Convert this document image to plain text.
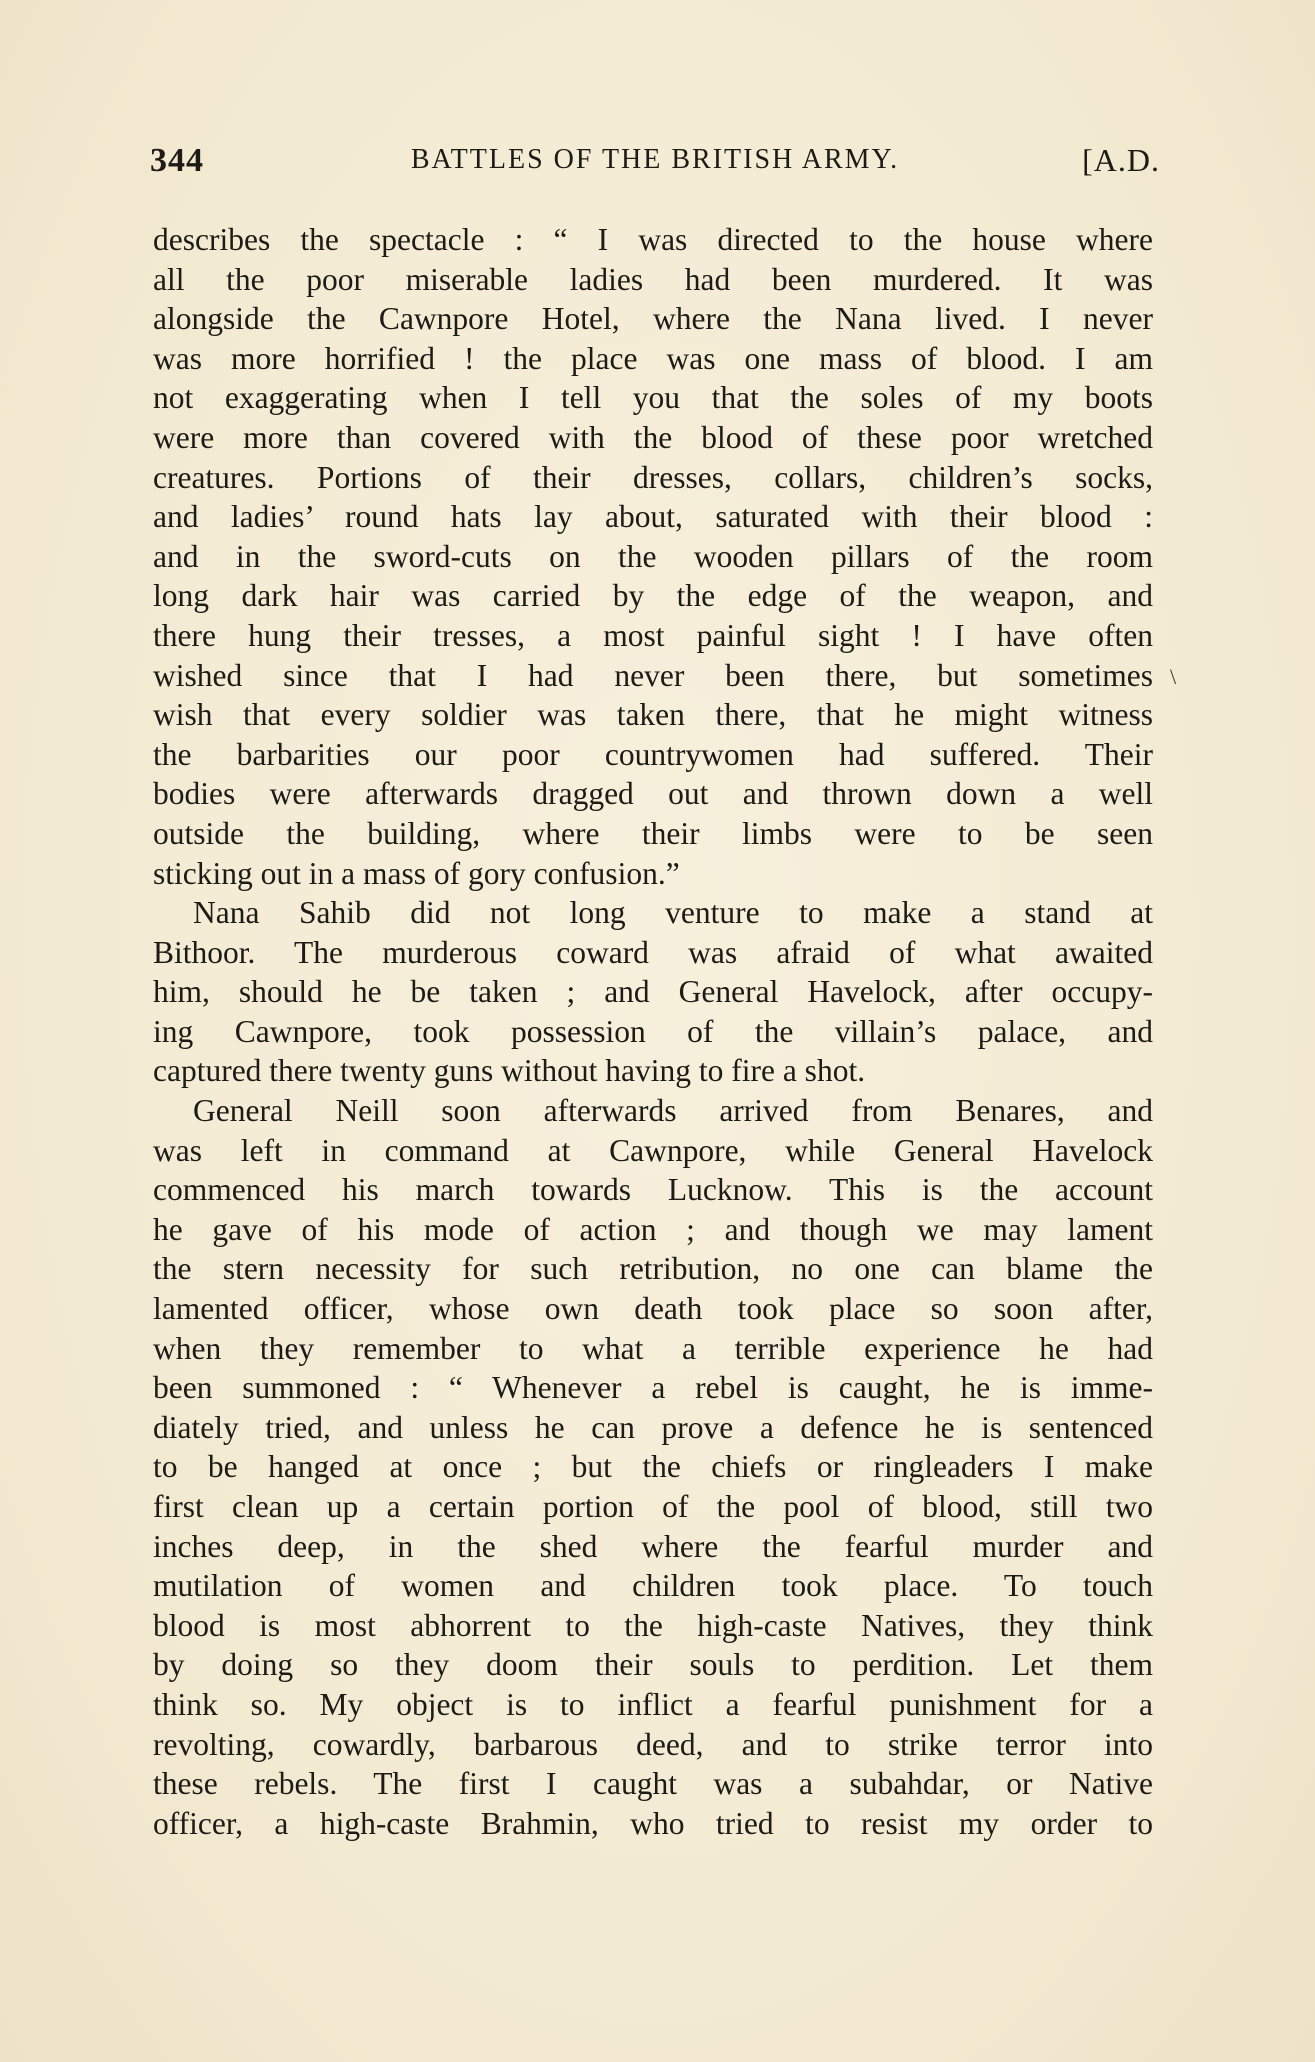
344	BATTLES OF THE BRITISH ARMY.	[A.D.
describes the spectacle : “ I was directed to the house where
all the poor miserable ladies had been murdered. It was
alongside the Cawnpore Hotel, where the Nana lived. I never
was more horrified ! the place was one mass of blood. I am
not exaggerating when I tell you that the soles of my boots
were more than covered with the blood of these poor wretched
creatures. Portions of their dresses, collars, children’s socks,
and ladies’ round hats lay about, saturated with their blood :
and in the sword-cuts on the wooden pillars of the room
long dark hair was carried by the edge of the weapon, and
there hung their tresses, a most painful sight ! I have often
wished since that I had never been there, but sometimes
wish that every soldier was taken there, that he might witness
the barbarities our poor countrywomen had suffered. Their
bodies were afterwards dragged out and thrown down a well
outside the building, where their limbs were to be seen
sticking out in a mass of gory confusion.”
Nana Sahib did not long venture to make a stand at
Bithoor. The murderous coward was afraid of what awaited
him, should he be taken ; and General Havelock, after occupy-
ing Cawnpore, took possession of the villain’s palace, and
captured there twenty guns without having to fire a shot.
General Neill soon afterwards arrived from Benares, and
was left in command at Cawnpore, while General Havelock
commenced his march towards Lucknow. This is the account
he gave of his mode of action ; and though we may lament
the stern necessity for such retribution, no one can blame the
lamented officer, whose own death took place so soon after,
when they remember to what a terrible experience he had
been summoned : “ Whenever a rebel is caught, he is imme-
diately tried, and unless he can prove a defence he is sentenced
to be hanged at once ; but the chiefs or ringleaders I make
first clean up a certain portion of the pool of blood, still two
inches deep, in the shed where the fearful murder and
mutilation of women and children took place. To touch
blood is most abhorrent to the high-caste Natives, they think
by doing so they doom their souls to perdition. Let them
think so. My object is to inflict a fearful punishment for a
revolting, cowardly, barbarous deed, and to strike terror into
these rebels. The first I caught was a subahdar, or Native
officer, a high-caste Brahmin, who tried to resist my order to
\
